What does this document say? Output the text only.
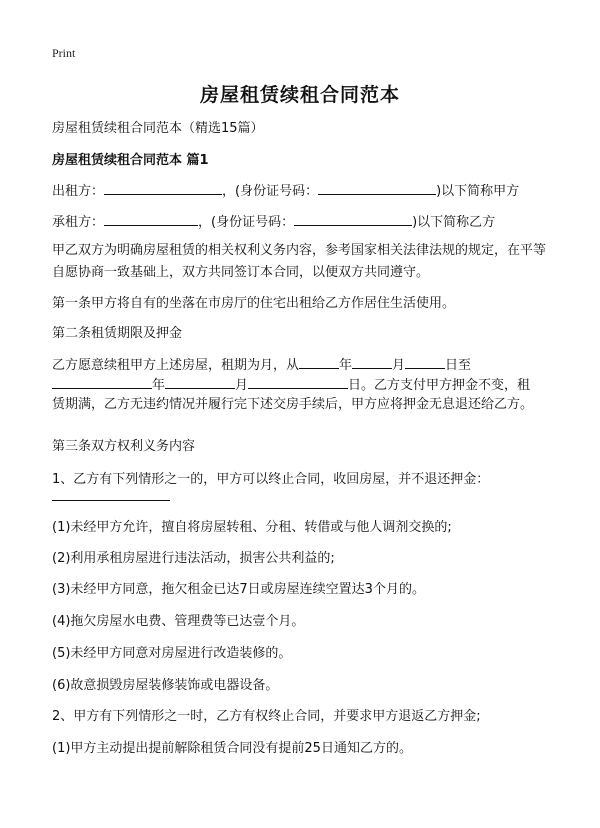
Print
房屋租赁续租合同范本
房屋租赁续租合同范本（精选15篇）
房屋租赁续租合同范本 篇1
出租方：	，(身份证号码：	)以下简称甲方
承租方：	，(身份证号码：	)以下简称乙方
甲乙双方为明确房屋租赁的相关权利义务内容，参考国家相关法律法规的规定，在平等自愿协商一致基础上，双方共同签订本合同，以便双方共同遵守。
第一条甲方将自有的坐落在市房厅的住宅出租给乙方作居住生活使用。
第二条租赁期限及押金
乙方愿意续租甲方上述房屋，租期为月，从	年	月	日至
年	月	日。乙方支付甲方押金不变，租
赁期满，乙方无违约情况并履行完下述交房手续后，甲方应将押金无息退还给乙方。
第三条双方权利义务内容
1、乙方有下列情形之一的，甲方可以终止合同，收回房屋，并不退还押金：
(1)未经甲方允许，擅自将房屋转租、分租、转借或与他人调剂交换的;
(2)利用承租房屋进行违法活动，损害公共利益的;
(3)未经甲方同意，拖欠租金已达7日或房屋连续空置达3个月的。
(4)拖欠房屋水电费、管理费等已达壹个月。
(5)未经甲方同意对房屋进行改造装修的。
(6)故意损毁房屋装修装饰或电器设备。
2、甲方有下列情形之一时，乙方有权终止合同，并要求甲方退返乙方押金;
(1)甲方主动提出提前解除租赁合同没有提前25日通知乙方的。
